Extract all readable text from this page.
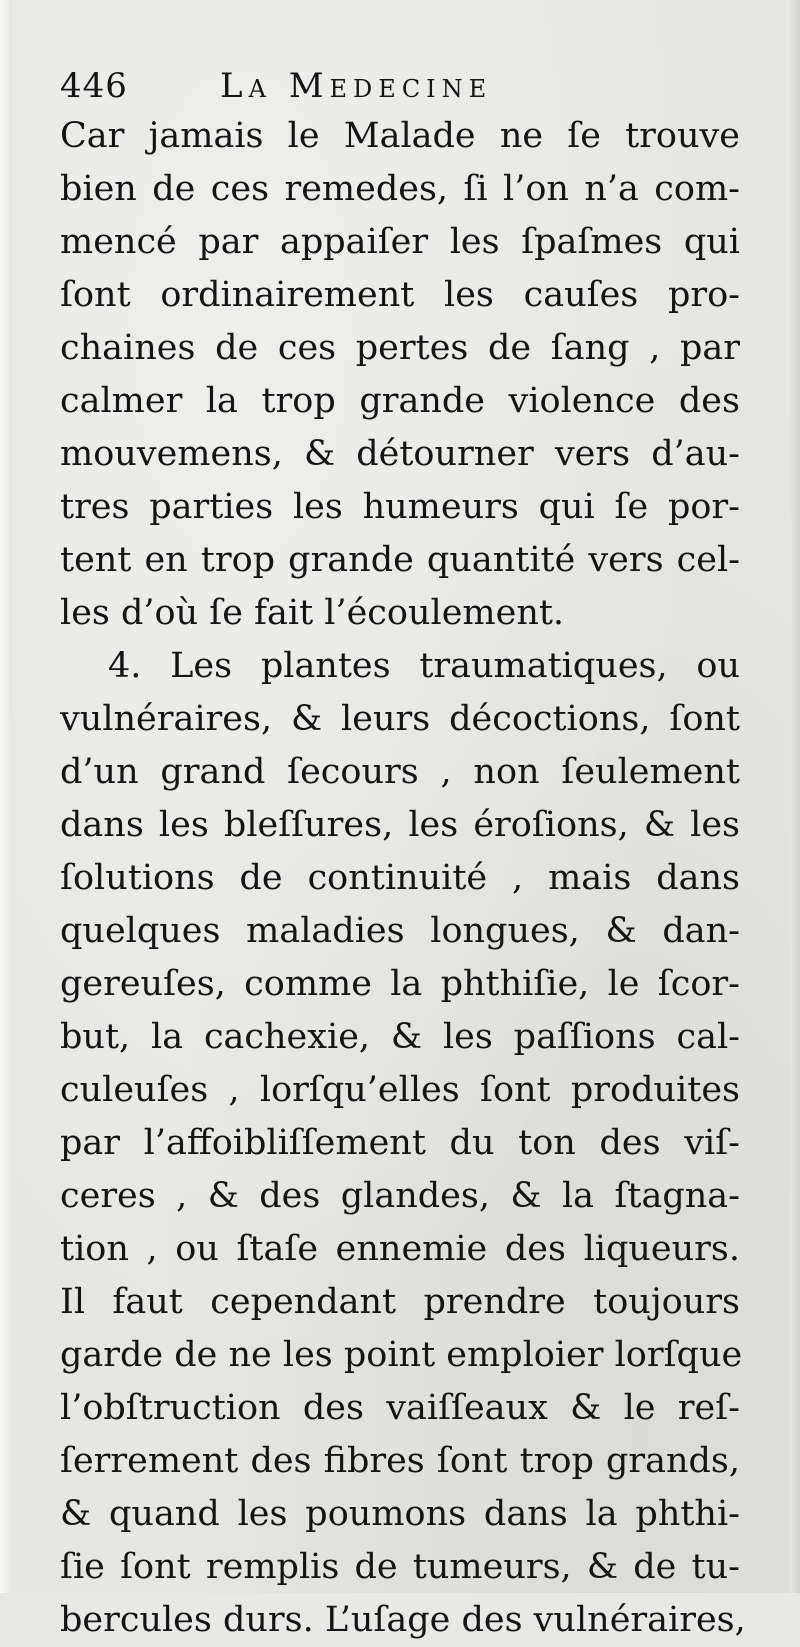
446	La Medecine
Car jamais le Malade ne ſe trouve
bien de ces remedes, ſi l’on n’a com-
mencé par appaiſer les ſpaſmes qui
ſont ordinairement les cauſes pro-
chaines de ces pertes de ſang , par
calmer la trop grande violence des
mouvemens, & détourner vers d’au-
tres parties les humeurs qui ſe por-
tent en trop grande quantité vers cel-
les d’où ſe fait l’écoulement.
4. Les plantes traumatiques, ou
vulnéraires, & leurs décoctions, ſont
d’un grand ſecours , non ſeulement
dans les bleſſures, les éroſions, & les
ſolutions de continuité , mais dans
quelques maladies longues, & dan-
gereuſes, comme la phthiſie, le ſcor-
but, la cachexie, & les paſſions cal-
culeuſes , lorſqu’elles ſont produites
par l’affoibliſſement du ton des viſ-
ceres , & des glandes, & la ſtagna-
tion , ou ſtaſe ennemie des liqueurs.
Il faut cependant prendre toujours
garde de ne les point emploier lorſque
l’obſtruction des vaiſſeaux & le reſ-
ſerrement des fibres ſont trop grands,
& quand les poumons dans la phthi-
ſie ſont remplis de tumeurs, & de tu-
bercules durs. L’uſage des vulnéraires,
